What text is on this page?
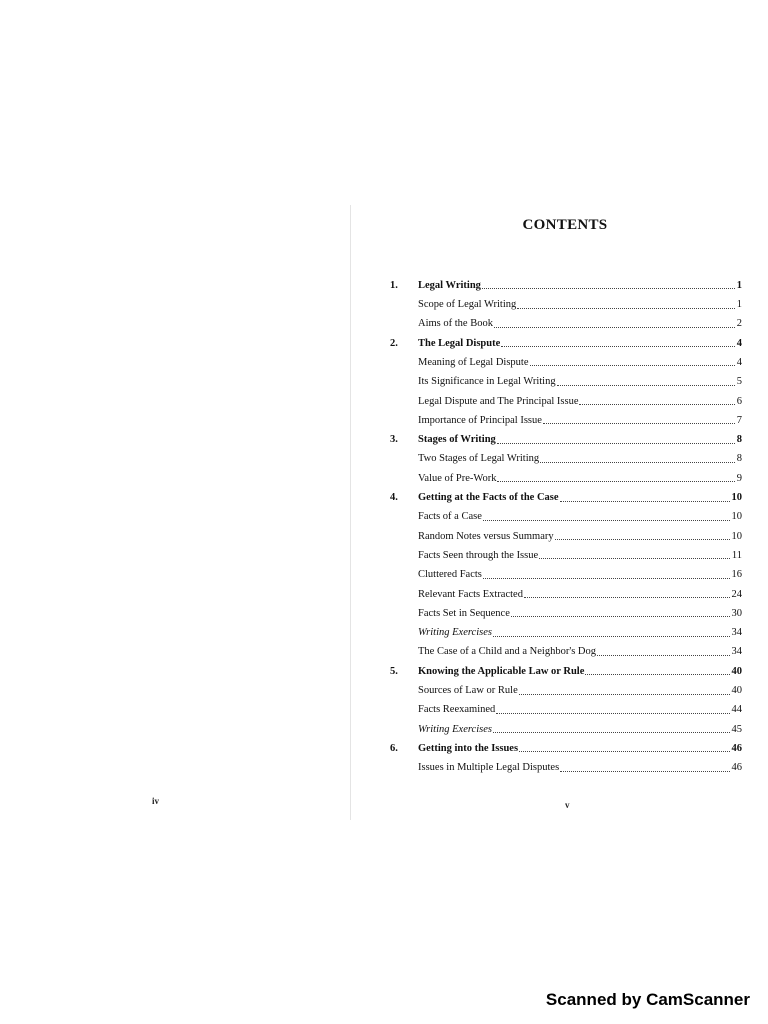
iv
CONTENTS
1.	Legal Writing	1
Scope of Legal Writing	1
Aims of the Book	2
2.	The Legal Dispute	4
Meaning of Legal Dispute	4
Its Significance in Legal Writing	5
Legal Dispute and The Principal Issue	6
Importance of Principal Issue	7
3.	Stages of Writing	8
Two Stages of Legal Writing	8
Value of Pre-Work	9
4.	Getting at the Facts of the Case	10
Facts of a Case	10
Random Notes versus Summary	10
Facts Seen through the Issue	11
Cluttered Facts	16
Relevant Facts Extracted	24
Facts Set in Sequence	30
Writing Exercises	34
The Case of a Child and a Neighbor's Dog	34
5.	Knowing the Applicable Law or Rule	40
Sources of Law or Rule	40
Facts Reexamined	44
Writing Exercises	45
6.	Getting into the Issues	46
Issues in Multiple Legal Disputes	46
v
Scanned by CamScanner
